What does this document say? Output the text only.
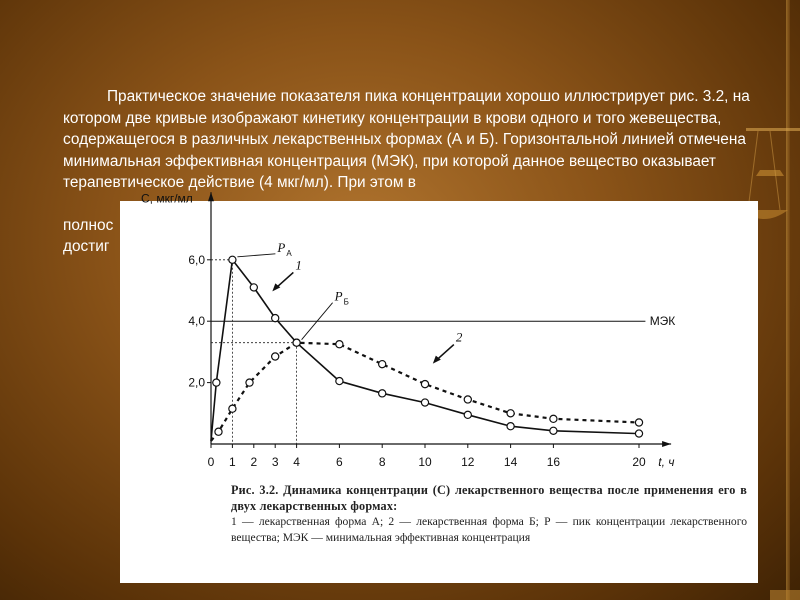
Практическое значение показателя пика концентрации хорошо иллюстрирует рис. 3.2, на котором две кривые изображают кинетику концентрации в крови одного и того жевещества, содержащегося в различных лекарственных формах (А и Б). Горизонтальной линией отмечена минимальная эффективная концентрация (МЭК), при которой данное вещество оказывает терапевтическое действие (4 мкг/мл). При этом в

полнос
достиг
0 1 2 3 4	6	8	10 12 14 16	20 t, ч
2,0
4,0
6,0
C, мкг/мл
МЭК
Р А
Р Б
1
2

Рис. 3.2. Динамика концентрации (С) лекарственного вещества после применения его в двух лекарственных формах:

1 — лекарственная форма А; 2 — лекарственная форма Б; Р — пик концентрации лекарственного вещества; МЭК — минимальная эффективная концентрация
